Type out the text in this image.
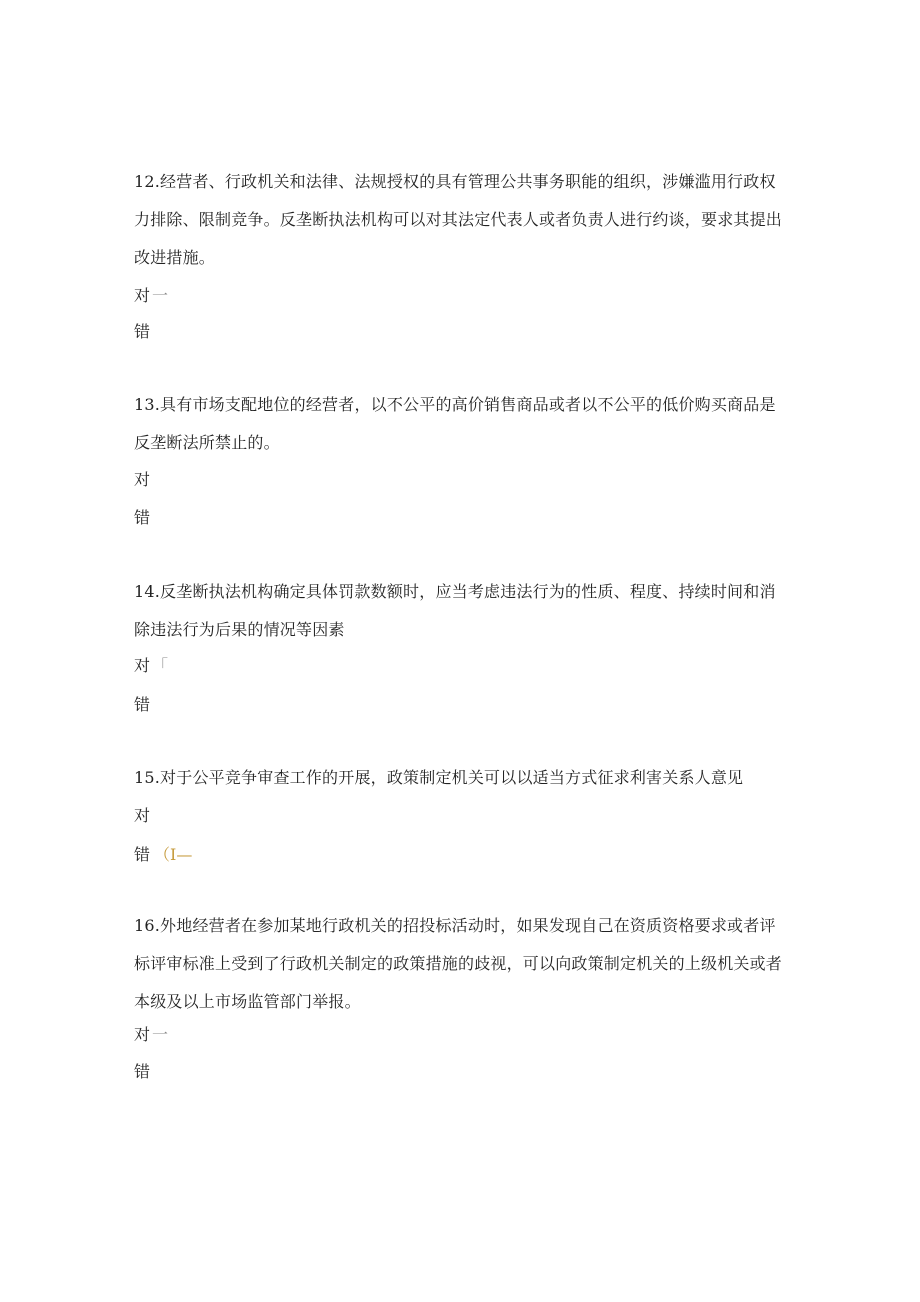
12.经营者、行政机关和法律、法规授权的具有管理公共事务职能的组织，涉嫌滥用行政权力排除、限制竞争。反垄断执法机构可以对其法定代表人或者负责人进行约谈，要求其提出改进措施。

对 一
错

13.具有市场支配地位的经营者，以不公平的高价销售商品或者以不公平的低价购买商品是反垄断法所禁止的。

对
错

14.反垄断执法机构确定具体罚款数额时，应当考虑违法行为的性质、程度、持续时间和消除违法行为后果的情况等因素

对 「
错

15.对于公平竞争审查工作的开展，政策制定机关可以以适当方式征求利害关系人意见

对
错 （I—

16.外地经营者在参加某地行政机关的招投标活动时，如果发现自己在资质资格要求或者评标评审标准上受到了行政机关制定的政策措施的歧视，可以向政策制定机关的上级机关或者本级及以上市场监管部门举报。

对 一
错
